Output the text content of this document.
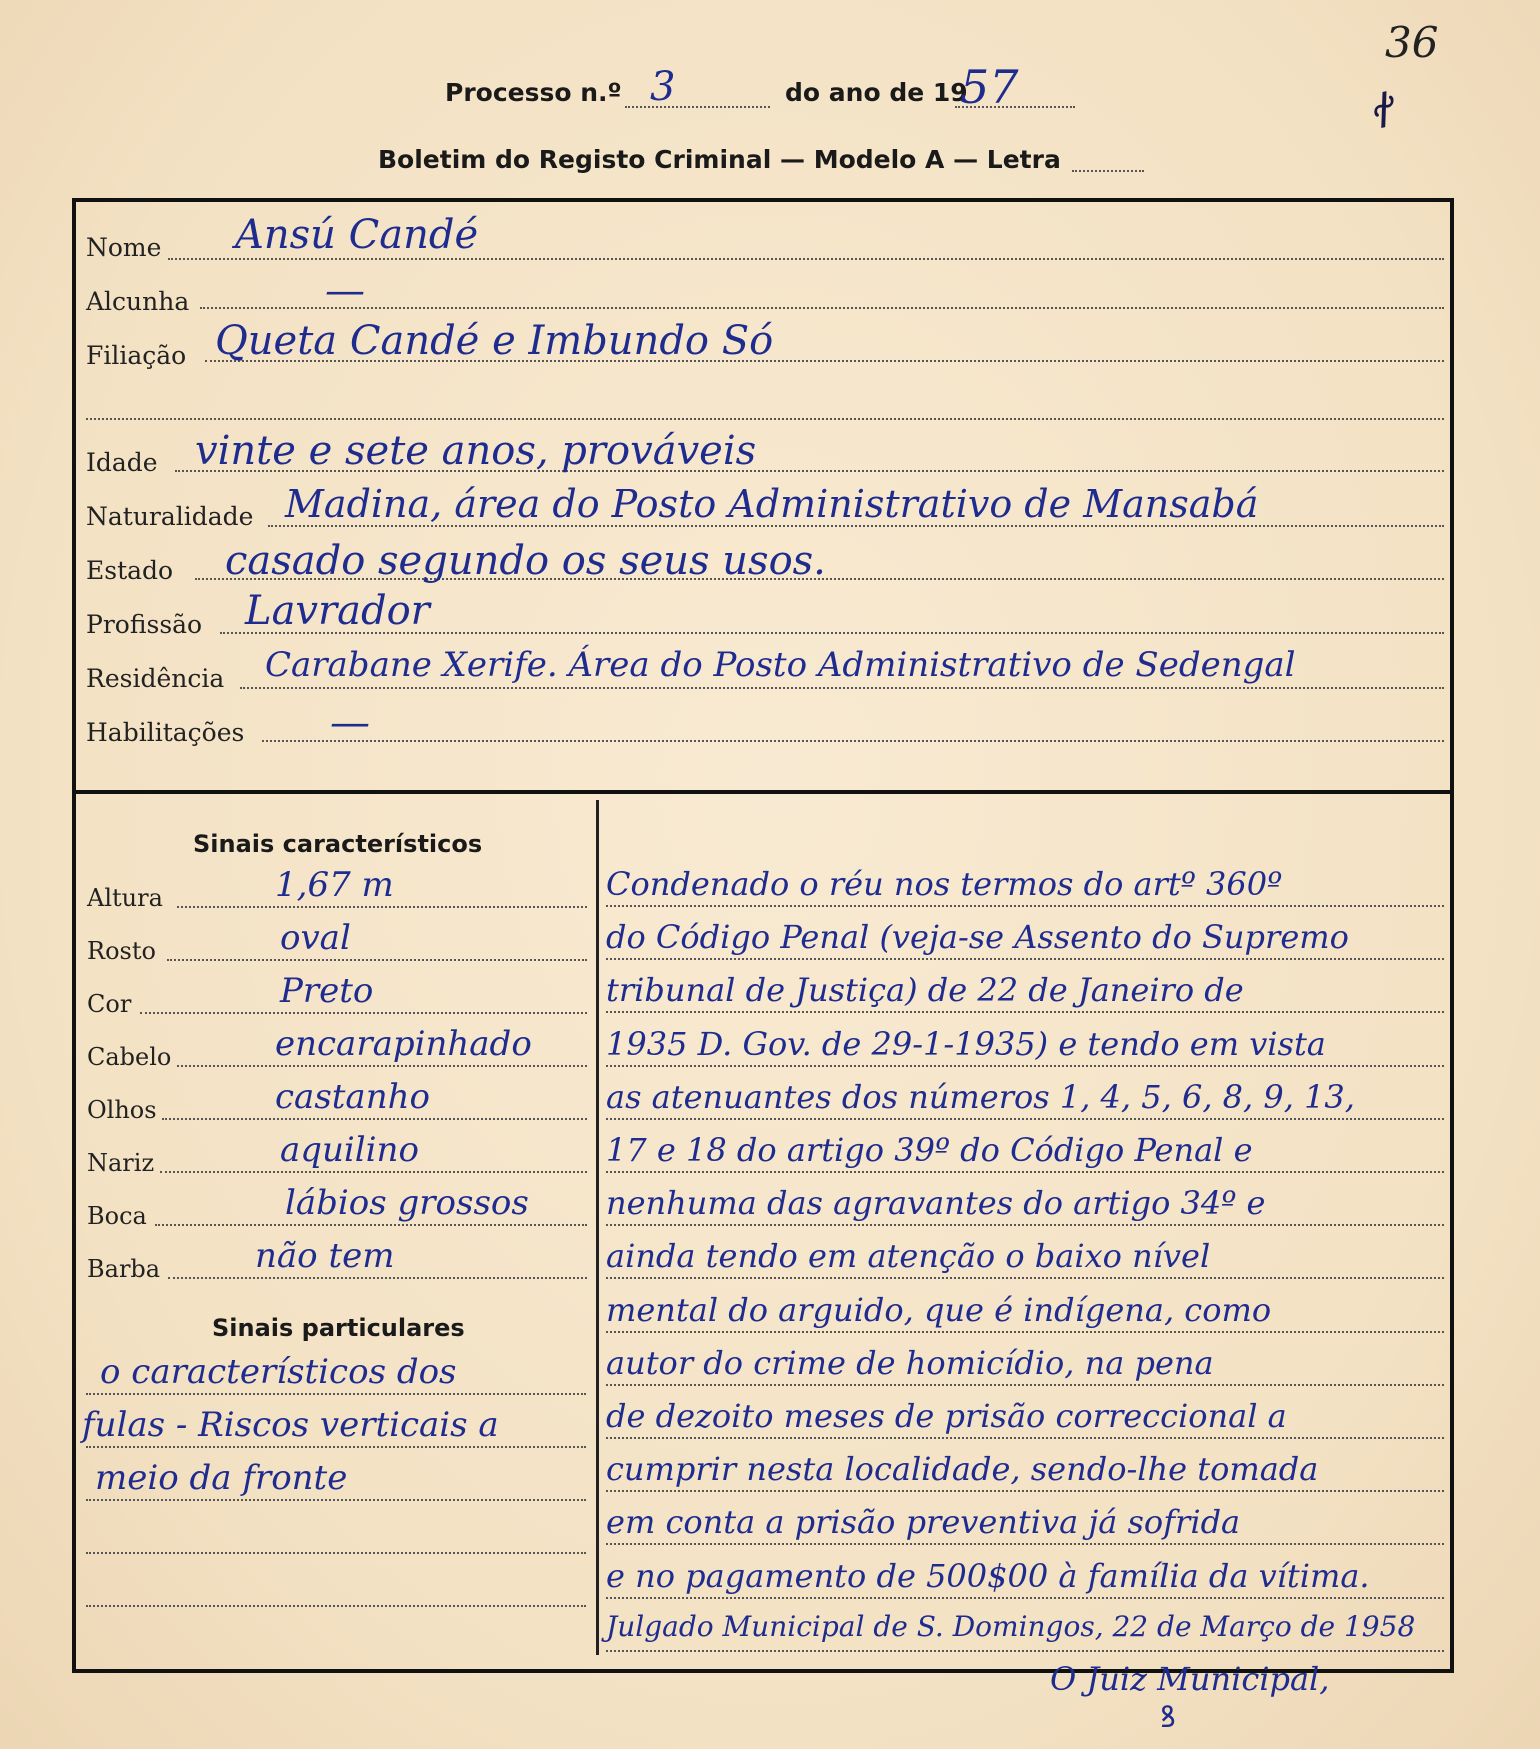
Processo n.º 3	do ano de 19
57
Boletim do Registo Criminal — Modelo A — Letra
36
ꬷ
Nome Ansú Candé
Alcunha	—
Filiação Queta Candé e Imbundo Só
Idade vinte e sete anos, prováveis
Naturalidade Madina, área do Posto Administrativo de Mansabá
Estado casado segundo os seus usos.
Profissão Lavrador
Residência Carabane Xerife. Área do Posto Administrativo de Sedengal
Habilitações —
Sinais característicos
Altura	1,67 m
Rosto	oval
Cor	Preto
Cabelo	encarapinhado
Olhos	castanho
Nariz	aquilino
Boca	lábios grossos
Barba	não tem
Sinais particulares
o característicos dos
fulas - Riscos verticais a
meio da fronte
Condenado o réu nos termos do artº 360º
do Código Penal (veja-se Assento do Supremo
tribunal de Justiça) de 22 de Janeiro de
1935 D. Gov. de 29-1-1935) e tendo em vista
as atenuantes dos números 1, 4, 5, 6, 8, 9, 13,
17 e 18 do artigo 39º do Código Penal e
nenhuma das agravantes do artigo 34º e
ainda tendo em atenção o baixo nível
mental do arguido, que é indígena, como
autor do crime de homicídio, na pena
de dezoito meses de prisão correccional a
cumprir nesta localidade, sendo-lhe tomada
em conta a prisão preventiva já sofrida
e no pagamento de 500$00 à família da vítima.
Julgado Municipal de S. Domingos, 22 de Março de 1958
O Juiz Municipal,
ꝸ
